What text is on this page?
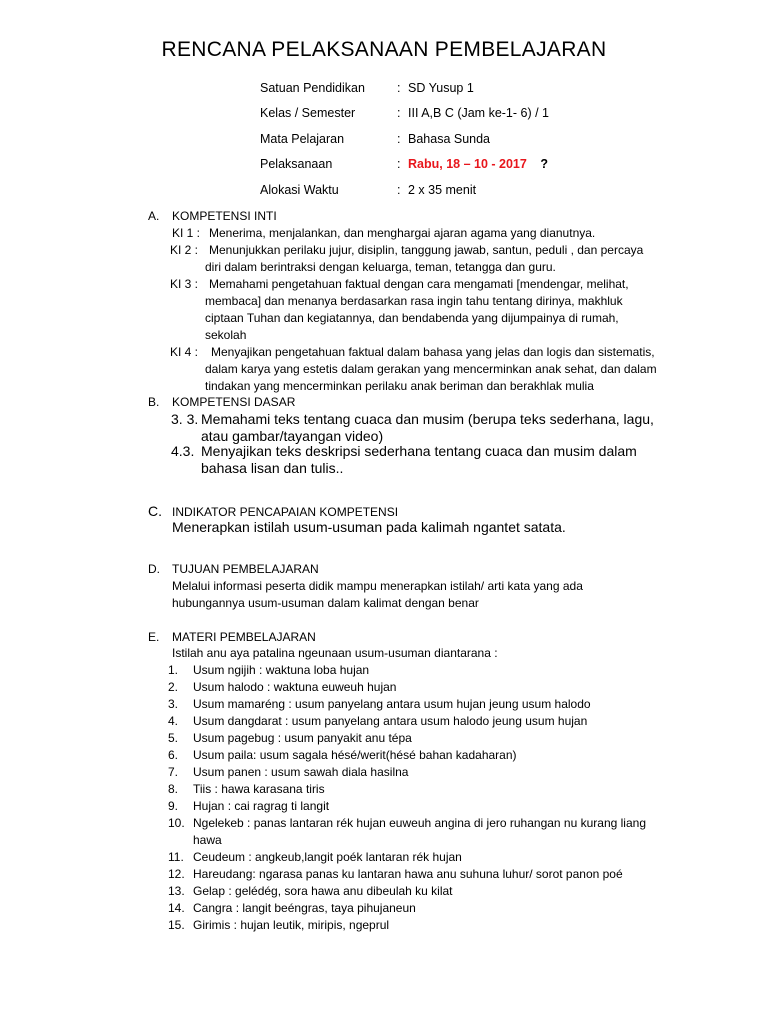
RENCANA PELAKSANAAN PEMBELAJARAN
Satuan Pendidikan	: SD Yusup 1
Kelas / Semester	: III A,B C (Jam ke-1- 6) / 1
Mata Pelajaran	: Bahasa Sunda
Pelaksanaan	: Rabu, 18 – 10 - 2017 ?
Alokasi Waktu	: 2 x 35 menit
A. KOMPETENSI INTI
KI 1 : Menerima, menjalankan, dan menghargai ajaran agama yang dianutnya.
KI 2 : Menunjukkan perilaku jujur, disiplin, tanggung jawab, santun, peduli , dan percaya
diri dalam berintraksi dengan keluarga, teman, tetangga dan guru.
KI 3 : Memahami pengetahuan faktual dengan cara mengamati [mendengar, melihat,
membaca] dan menanya berdasarkan rasa ingin tahu tentang dirinya, makhluk
ciptaan Tuhan dan kegiatannya, dan bendabenda yang dijumpainya di rumah,
sekolah
KI 4 : Menyajikan pengetahuan faktual dalam bahasa yang jelas dan logis dan sistematis,
dalam karya yang estetis dalam gerakan yang mencerminkan anak sehat, dan dalam
tindakan yang mencerminkan perilaku anak beriman dan berakhlak mulia
B. KOMPETENSI DASAR
3. 3. Memahami teks tentang cuaca dan musim (berupa teks sederhana, lagu,
atau gambar/tayangan video)
4.3. Menyajikan teks deskripsi sederhana tentang cuaca dan musim dalam
bahasa lisan dan tulis..
C. INDIKATOR PENCAPAIAN KOMPETENSI
Menerapkan istilah usum-usuman pada kalimah ngantet satata.
D. TUJUAN PEMBELAJARAN
Melalui informasi peserta didik mampu menerapkan istilah/ arti kata yang ada
hubungannya usum-usuman dalam kalimat dengan benar
E. MATERI PEMBELAJARAN
Istilah anu aya patalina ngeunaan usum-usuman diantarana :
1. Usum ngijih : waktuna loba hujan
2. Usum halodo : waktuna euweuh hujan
3. Usum mamaréng : usum panyelang antara usum hujan jeung usum halodo
4. Usum dangdarat : usum panyelang antara usum halodo jeung usum hujan
5. Usum pagebug : usum panyakit anu tépa
6. Usum paila: usum sagala hésé/werit(hésé bahan kadaharan)
7. Usum panen : usum sawah diala hasilna
8. Tiis : hawa karasana tiris
9. Hujan : cai ragrag ti langit
10. Ngelekeb : panas lantaran rék hujan euweuh angina di jero ruhangan nu kurang liang
hawa
11. Ceudeum : angkeub,langit poék lantaran rék hujan
12. Hareudang: ngarasa panas ku lantaran hawa anu suhuna luhur/ sorot panon poé
13. Gelap : gelédég, sora hawa anu dibeulah ku kilat
14. Cangra : langit beéngras, taya pihujaneun
15. Girimis : hujan leutik, miripis, ngeprul
